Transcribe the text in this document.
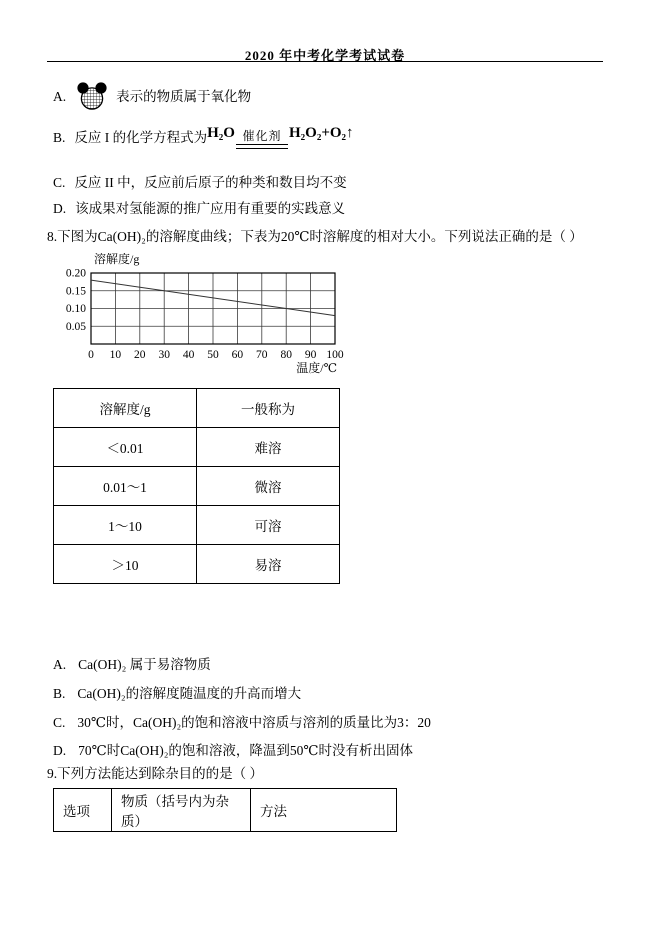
2020 年中考化学考试试卷
A.	表示的物质属于氧化物
B. 反应 I 的化学方程式为 H₂O 催化剂 H₂O₂+O₂↑
C. 反应 II 中，反应前后原子的种类和数目均不变
D. 该成果对氢能源的推广应用有重要的实践意义
8.下图为Ca(OH)₂的溶解度曲线；下表为20℃时溶解度的相对大小。下列说法正确的是（ ）
0 10 20 30 40 50 60 70 80 90 100
0.05
0.10
0.15
0.20
溶解度/g
温度/℃
溶解度/g	一般称为
＜0.01	难溶
0.01～1	微溶
1～10	可溶
＞10	易溶
A. Ca(OH)₂ 属于易溶物质
B. Ca(OH)₂的溶解度随温度的升高而增大
C. 30℃时，Ca(OH)₂的饱和溶液中溶质与溶剂的质量比为3：20
D. 70℃时Ca(OH)₂的饱和溶液，降温到50℃时没有析出固体
9.下列方法能达到除杂目的的是（ ）
选项	物质（括号内为杂质）	方法
